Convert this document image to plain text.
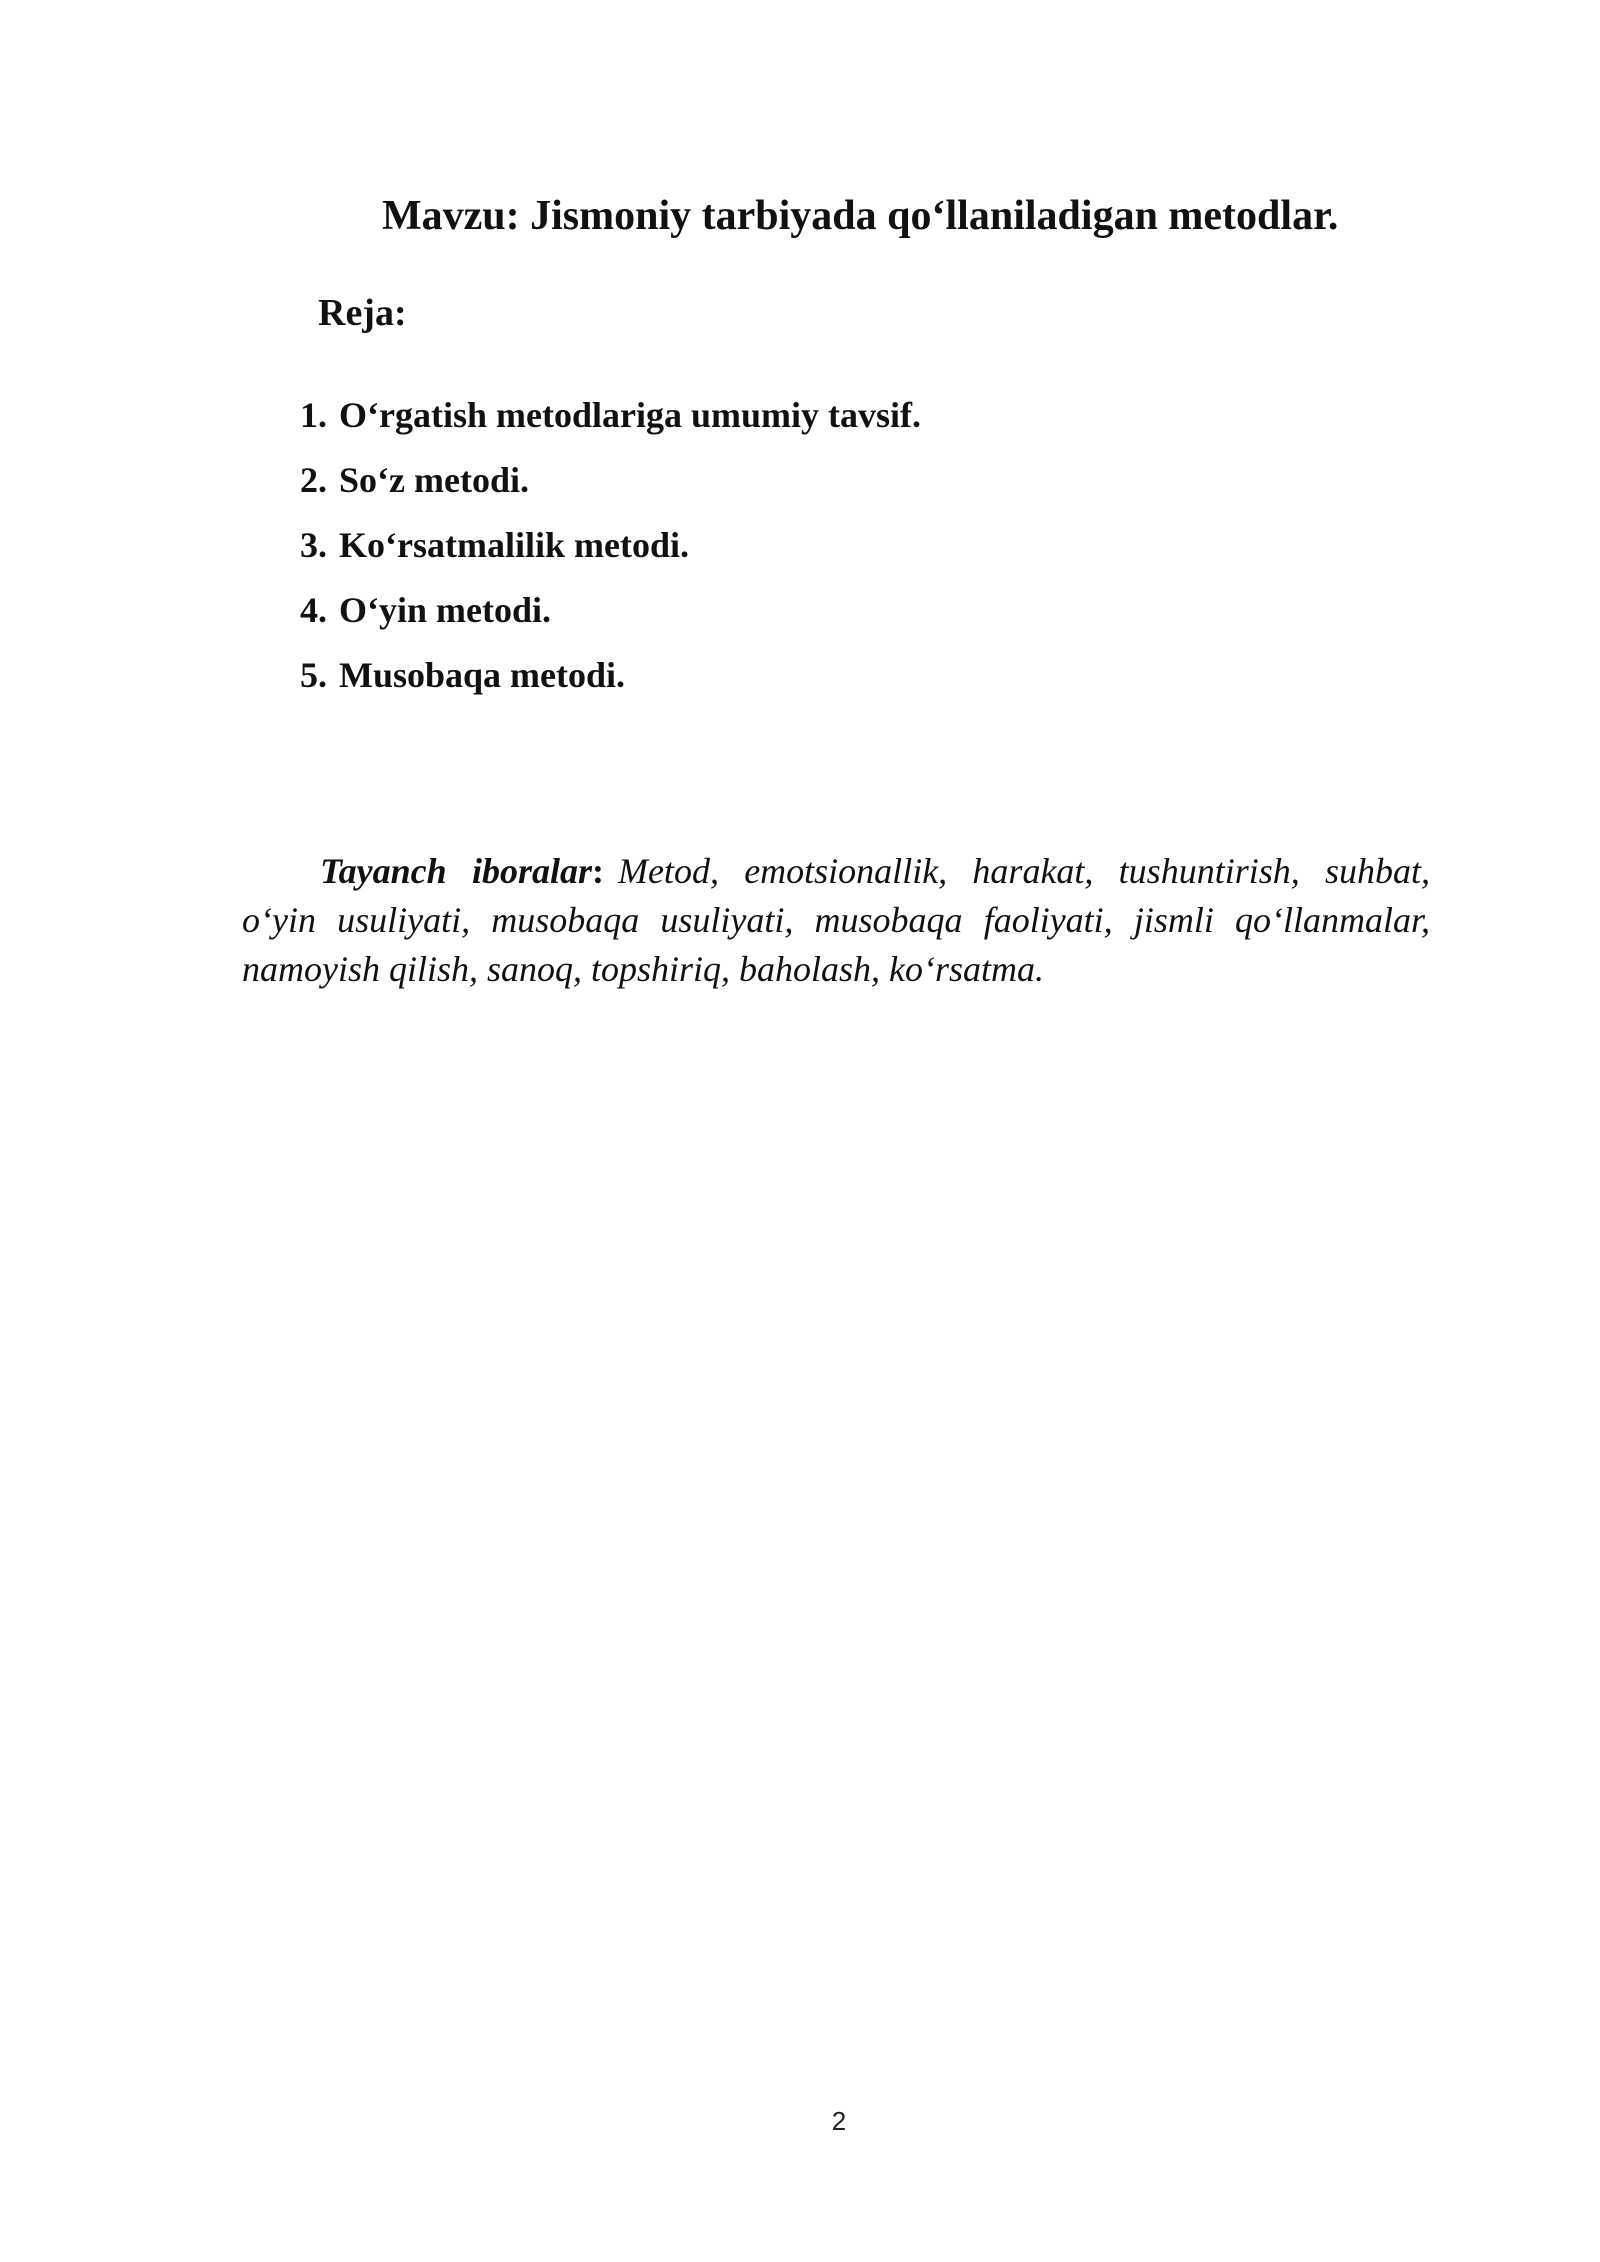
Mavzu: Jismoniy tarbiyada qo‘llaniladigan metodlar.
Reja:
1. O‘rgatish metodlariga umumiy tavsif.
2. So‘z metodi.
3. Ko‘rsatmalilik metodi.
4. O‘yin metodi.
5. Musobaqa metodi.

Tayanch iboralar: Metod, emotsionallik, harakat, tushuntirish, suhbat, o‘yin usuliyati, musobaqa usuliyati, musobaqa faoliyati, jismli qo‘llanmalar, namoyish qilish, sanoq, topshiriq, baholash, ko‘rsatma.

2
